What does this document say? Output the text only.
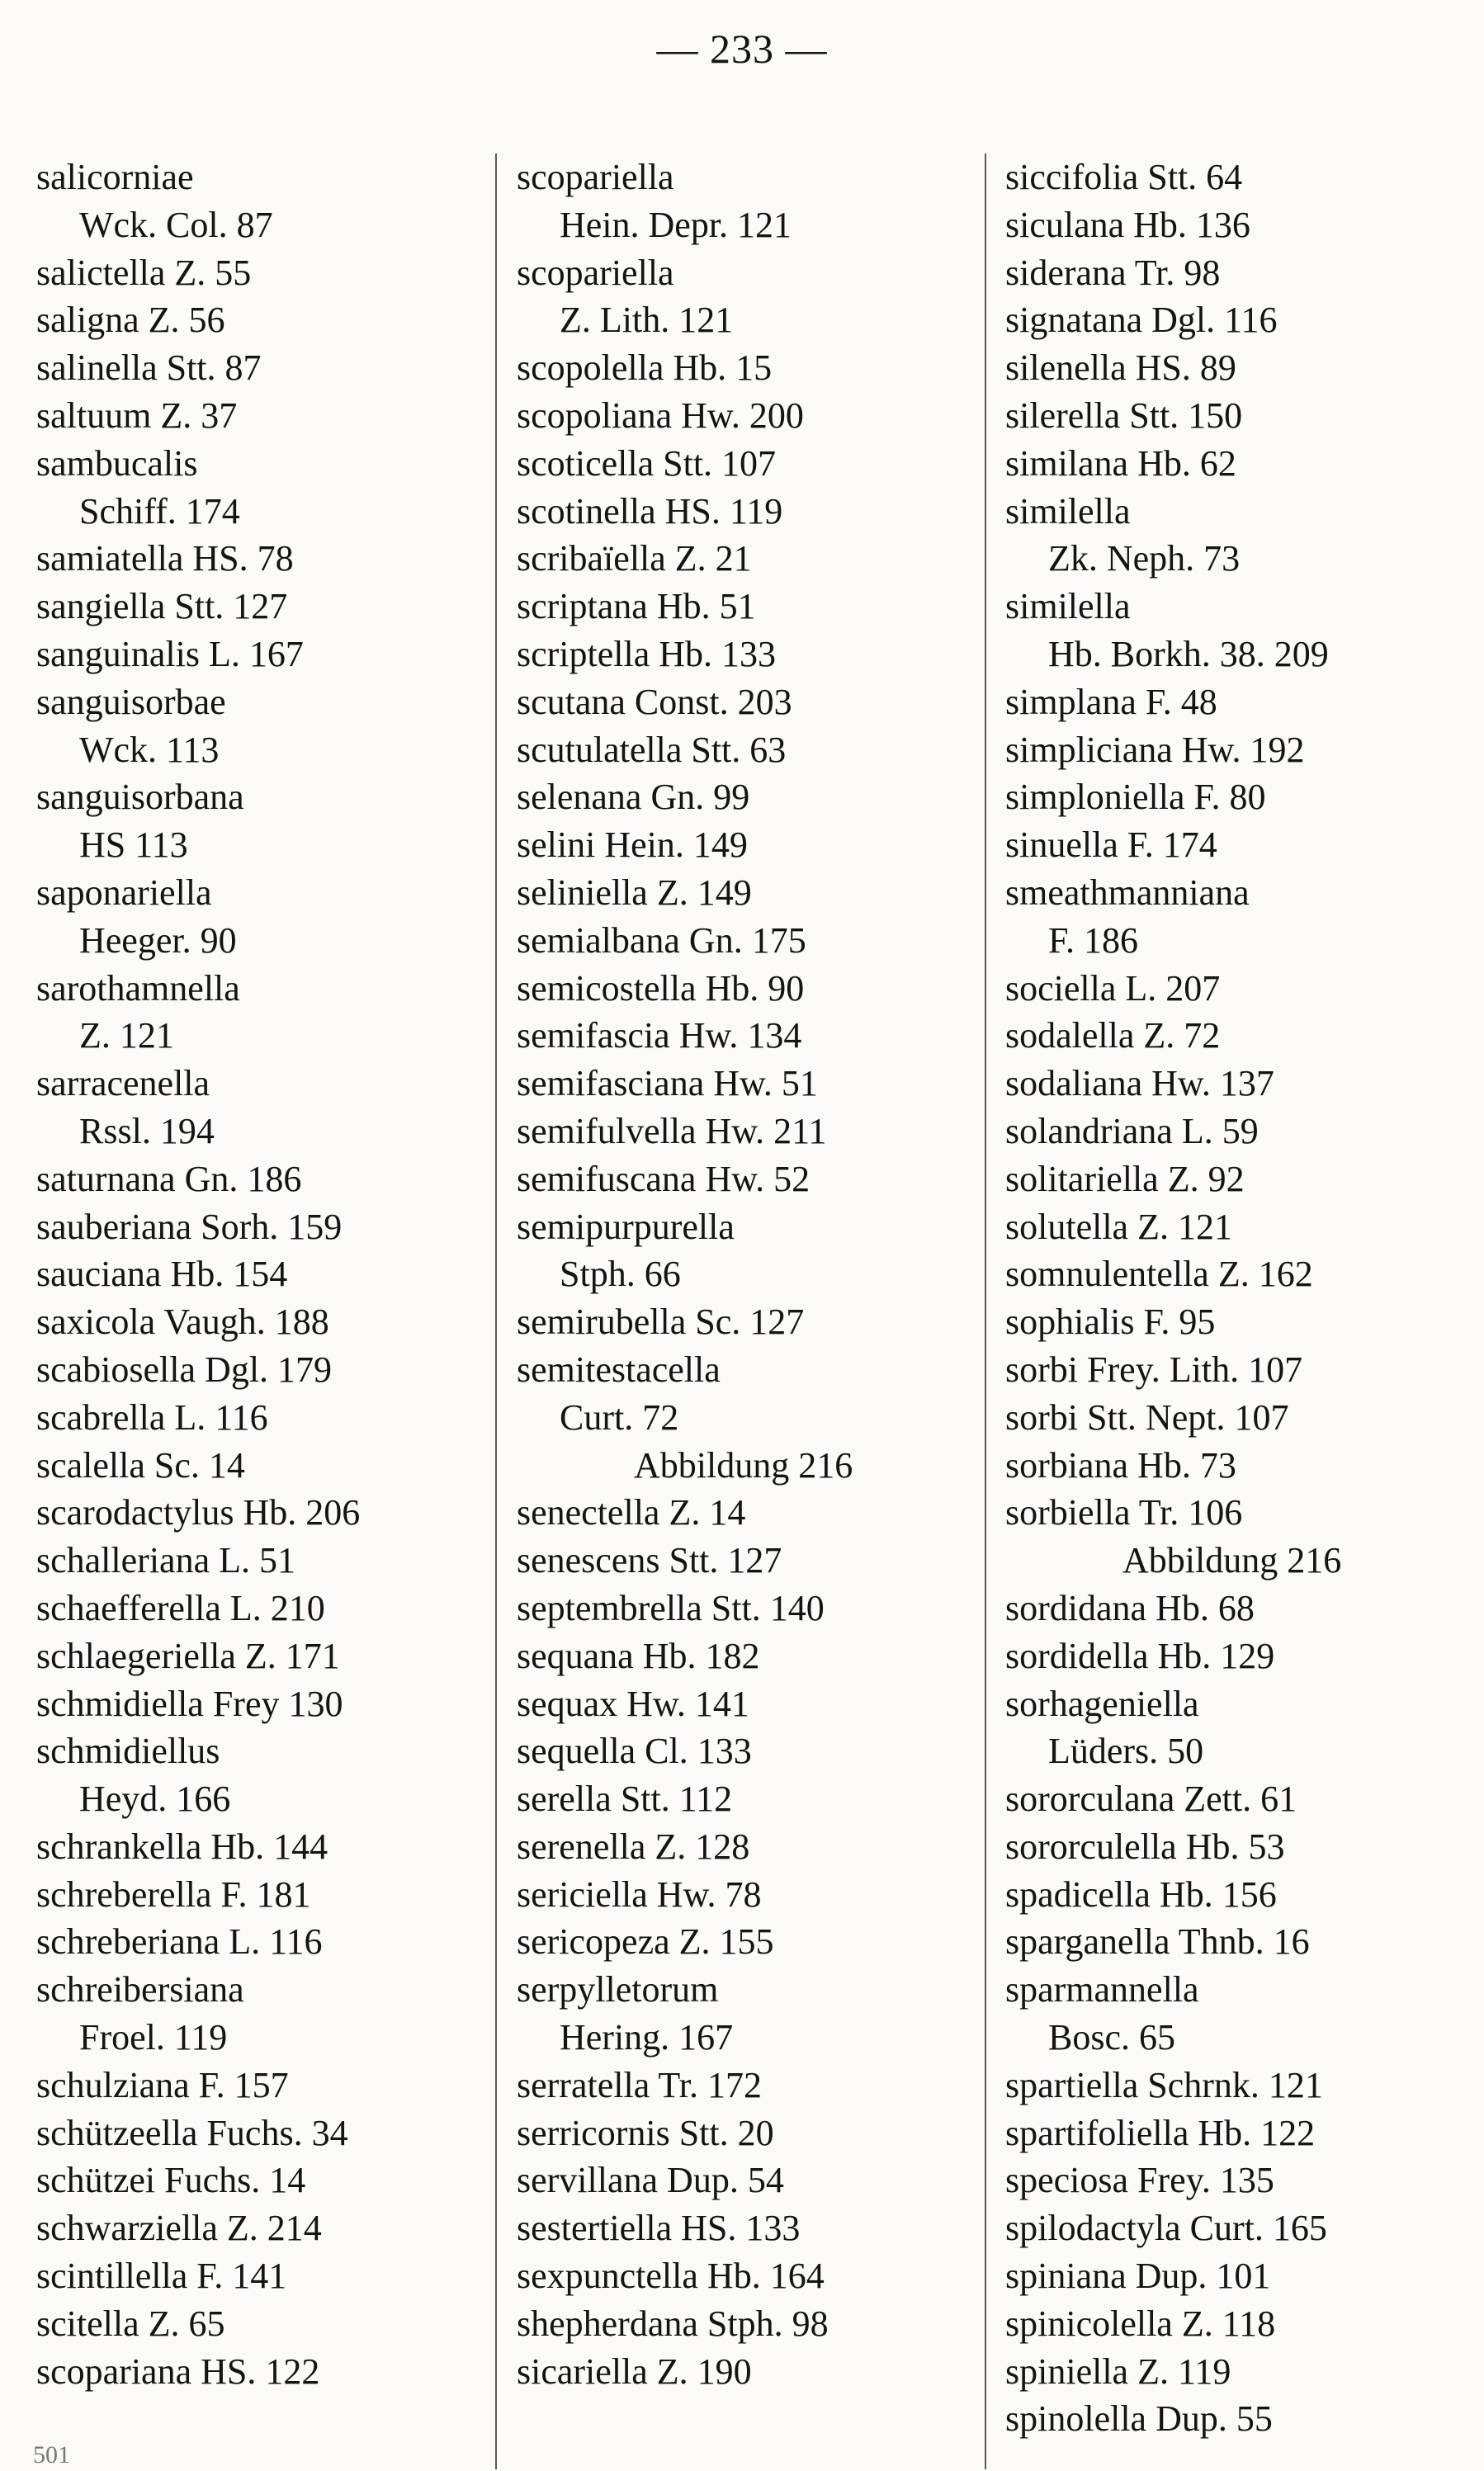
— 233 —
salicorniae
Wck. Col. 87
salictella Z. 55
saligna Z. 56
salinella Stt. 87
saltuum Z. 37
sambucalis
Schiff. 174
samiatella HS. 78
sangiella Stt. 127
sanguinalis L. 167
sanguisorbae
Wck. 113
sanguisorbana
HS 113
saponariella
Heeger. 90
sarothamnella
Z. 121
sarracenella
Rssl. 194
saturnana Gn. 186
sauberiana Sorh. 159
sauciana Hb. 154
saxicola Vaugh. 188
scabiosella Dgl. 179
scabrella L. 116
scalella Sc. 14
scarodactylus Hb. 206
schalleriana L. 51
schaefferella L. 210
schlaegeriella Z. 171
schmidiella Frey 130
schmidiellus
Heyd. 166
schrankella Hb. 144
schreberella F. 181
schreberiana L. 116
schreibersiana
Froel. 119
schulziana F. 157
schützeella Fuchs. 34
schützei Fuchs. 14
schwarziella Z. 214
scintillella F. 141
scitella Z. 65
scopariana HS. 122
scopariella
Hein. Depr. 121
scopariella
Z. Lith. 121
scopolella Hb. 15
scopoliana Hw. 200
scoticella Stt. 107
scotinella HS. 119
scribaïella Z. 21
scriptana Hb. 51
scriptella Hb. 133
scutana Const. 203
scutulatella Stt. 63
selenana Gn. 99
selini Hein. 149
seliniella Z. 149
semialbana Gn. 175
semicostella Hb. 90
semifascia Hw. 134
semifasciana Hw. 51
semifulvella Hw. 211
semifuscana Hw. 52
semipurpurella
Stph. 66
semirubella Sc. 127
semitestacella
Curt. 72
Abbildung 216
senectella Z. 14
senescens Stt. 127
septembrella Stt. 140
sequana Hb. 182
sequax Hw. 141
sequella Cl. 133
serella Stt. 112
serenella Z. 128
sericiella Hw. 78
sericopeza Z. 155
serpylletorum
Hering. 167
serratella Tr. 172
serricornis Stt. 20
servillana Dup. 54
sestertiella HS. 133
sexpunctella Hb. 164
shepherdana Stph. 98
sicariella Z. 190
siccifolia Stt. 64
siculana Hb. 136
siderana Tr. 98
signatana Dgl. 116
silenella HS. 89
silerella Stt. 150
similana Hb. 62
similella
Zk. Neph. 73
similella
Hb. Borkh. 38. 209
simplana F. 48
simpliciana Hw. 192
simploniella F. 80
sinuella F. 174
smeathmanniana
F. 186
sociella L. 207
sodalella Z. 72
sodaliana Hw. 137
solandriana L. 59
solitariella Z. 92
solutella Z. 121
somnulentella Z. 162
sophialis F. 95
sorbi Frey. Lith. 107
sorbi Stt. Nept. 107
sorbiana Hb. 73
sorbiella Tr. 106
Abbildung 216
sordidana Hb. 68
sordidella Hb. 129
sorhageniella
Lüders. 50
sororculana Zett. 61
sororculella Hb. 53
spadicella Hb. 156
sparganella Thnb. 16
sparmannella
Bosc. 65
spartiella Schrnk. 121
spartifoliella Hb. 122
speciosa Frey. 135
spilodactyla Curt. 165
spiniana Dup. 101
spinicolella Z. 118
spiniella Z. 119
spinolella Dup. 55
501
